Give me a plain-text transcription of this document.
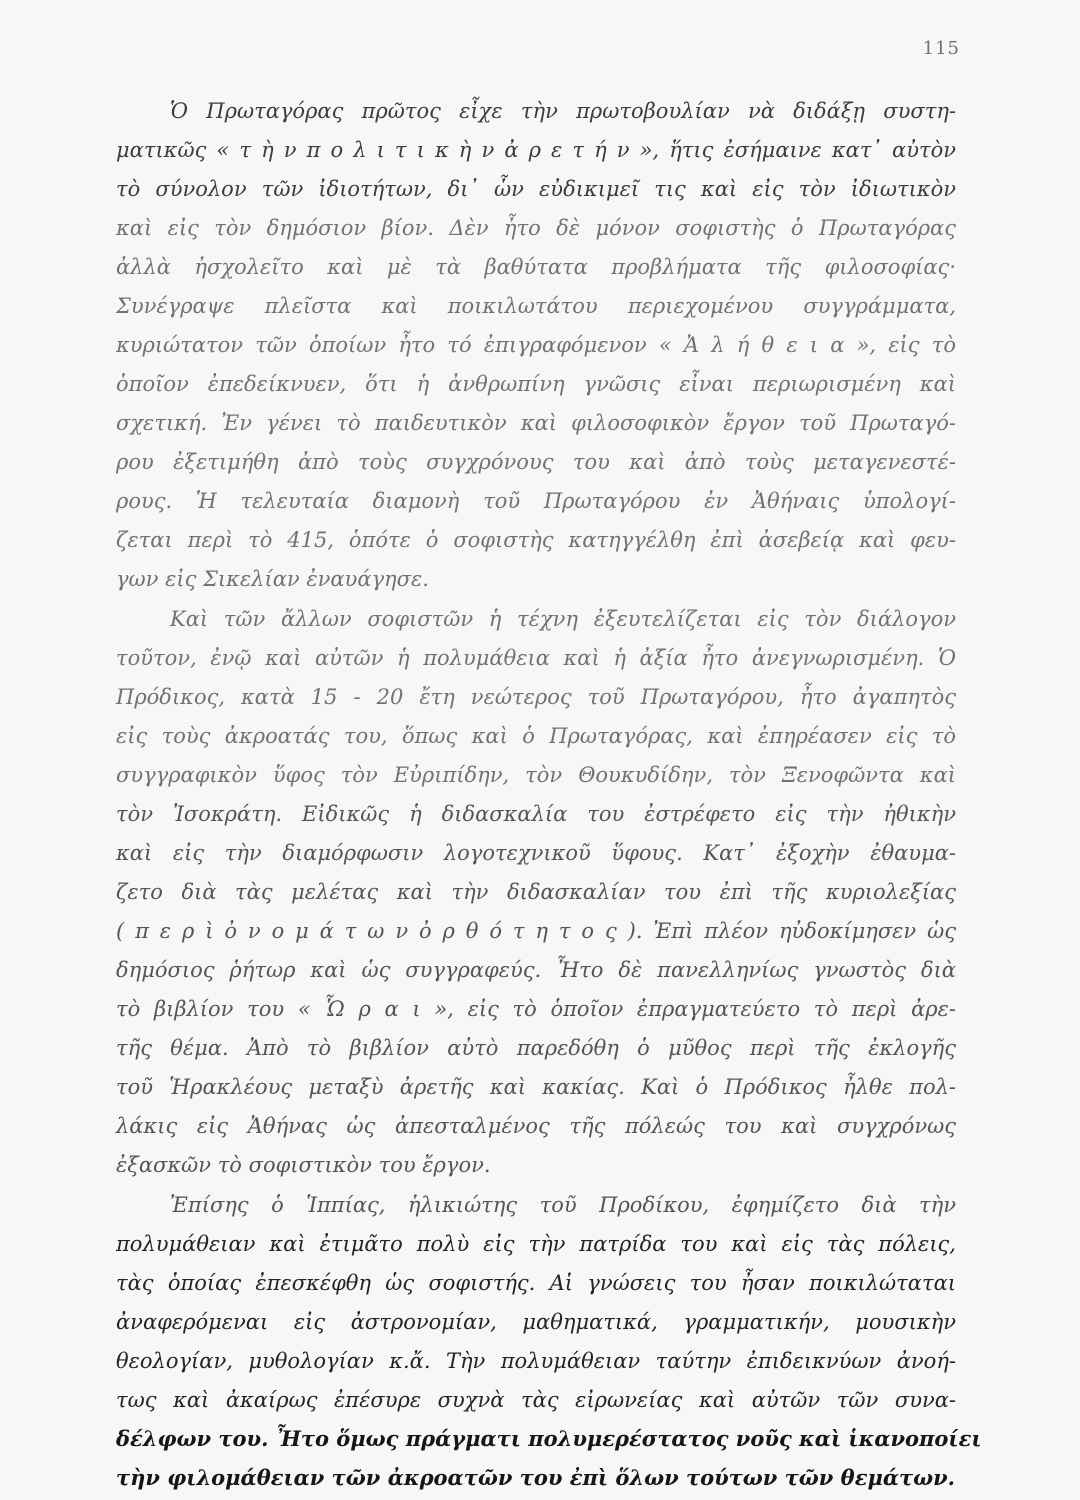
115
Ὁ Πρωταγόρας πρῶτος εἶχε τὴν πρωτοβουλίαν νὰ διδάξῃ συστη-
ματικῶς « τ ὴ ν π ο λ ι τ ι κ ὴ ν ἀ ρ ε τ ή ν », ἥτις ἐσήμαινε κατ᾽ αὐτὸν
τὸ σύνολον τῶν ἰδιοτήτων, δι᾽ ὧν εὐδικιμεῖ τις καὶ εἰς τὸν ἰδιωτικὸν
καὶ εἰς τὸν δημόσιον βίον. Δὲν ἦτο δὲ μόνον σοφιστὴς ὁ Πρωταγόρας
ἀλλὰ ἠσχολεῖτο καὶ μὲ τὰ βαθύτατα προβλήματα τῆς φιλοσοφίας·
Συνέγραψε πλεῖστα καὶ ποικιλωτάτου περιεχομένου συγγράμματα,
κυριώτατον τῶν ὁποίων ἦτο τό ἐπιγραφόμενον « Ἀ λ ή θ ε ι α », εἰς τὸ
ὁποῖον ἐπεδείκνυεν, ὅτι ἡ ἀνθρωπίνη γνῶσις εἶναι περιωρισμένη καὶ
σχετική. Ἐν γένει τὸ παιδευτικὸν καὶ φιλοσοφικὸν ἔργον τοῦ Πρωταγό-
ρου ἐξετιμήθη ἀπὸ τοὺς συγχρόνους του καὶ ἀπὸ τοὺς μεταγενεστέ-
ρους. Ἡ τελευταία διαμονὴ τοῦ Πρωταγόρου ἐν Ἀθήναις ὑπολογί-
ζεται περὶ τὸ 415, ὁπότε ὁ σοφιστὴς κατηγγέλθη ἐπὶ ἀσεβείᾳ καὶ φευ-
γων εἰς Σικελίαν ἐναυάγησε.
Καὶ τῶν ἄλλων σοφιστῶν ἡ τέχνη ἐξευτελίζεται εἰς τὸν διάλογον
τοῦτον, ἐνῷ καὶ αὐτῶν ἡ πολυμάθεια καὶ ἡ ἀξία ἦτο ἀνεγνωρισμένη. Ὁ
Πρόδικος, κατὰ 15 - 20 ἔτη νεώτερος τοῦ Πρωταγόρου, ἦτο ἀγαπητὸς
εἰς τοὺς ἀκροατάς του, ὅπως καὶ ὁ Πρωταγόρας, καὶ ἐπηρέασεν εἰς τὸ
συγγραφικὸν ὕφος τὸν Εὐριπίδην, τὸν Θουκυδίδην, τὸν Ξενοφῶντα καὶ
τὸν Ἰσοκράτη. Εἰδικῶς ἡ διδασκαλία του ἐστρέφετο εἰς τὴν ἠθικὴν
καὶ εἰς τὴν διαμόρφωσιν λογοτεχνικοῦ ὕφους. Κατ᾽ ἐξοχὴν ἐθαυμα-
ζετο διὰ τὰς μελέτας καὶ τὴν διδασκαλίαν του ἐπὶ τῆς κυριολεξίας
( π ε ρ ὶ ὀ ν ο μ ά τ ω ν ὀ ρ θ ό τ η τ ο ς ). Ἐπὶ πλέον ηὐδοκίμησεν ὡς
δημόσιος ῥήτωρ καὶ ὡς συγγραφεύς. Ἦτο δὲ πανελληνίως γνωστὸς διὰ
τὸ βιβλίον του « Ὧ ρ α ι », εἰς τὸ ὁποῖον ἐπραγματεύετο τὸ περὶ ἀρε-
τῆς θέμα. Ἀπὸ τὸ βιβλίον αὐτὸ παρεδόθη ὁ μῦθος περὶ τῆς ἐκλογῆς
τοῦ Ἡρακλέους μεταξὺ ἀρετῆς καὶ κακίας. Καὶ ὁ Πρόδικος ἦλθε πολ-
λάκις εἰς Ἀθήνας ὡς ἀπεσταλμένος τῆς πόλεώς του καὶ συγχρόνως
ἐξασκῶν τὸ σοφιστικὸν του ἔργον.
Ἐπίσης ὁ Ἱππίας, ἡλικιώτης τοῦ Προδίκου, ἐφημίζετο διὰ τὴν
πολυμάθειαν καὶ ἐτιμᾶτο πολὺ εἰς τὴν πατρίδα του καὶ εἰς τὰς πόλεις,
τὰς ὁποίας ἐπεσκέφθη ὡς σοφιστής. Αἱ γνώσεις του ἦσαν ποικιλώταται
ἀναφερόμεναι εἰς ἀστρονομίαν, μαθηματικά, γραμματικήν, μουσικὴν
θεολογίαν, μυθολογίαν κ.ἄ. Τὴν πολυμάθειαν ταύτην ἐπιδεικνύων ἀνοή-
τως καὶ ἀκαίρως ἐπέσυρε συχνὰ τὰς εἰρωνείας καὶ αὐτῶν τῶν συνα-
δέλφων του. Ἦτο ὅμως πράγματι πολυμερέστατος νοῦς καὶ ἱκανοποίει
τὴν φιλομάθειαν τῶν ἀκροατῶν του ἐπὶ ὅλων τούτων τῶν θεμάτων.
